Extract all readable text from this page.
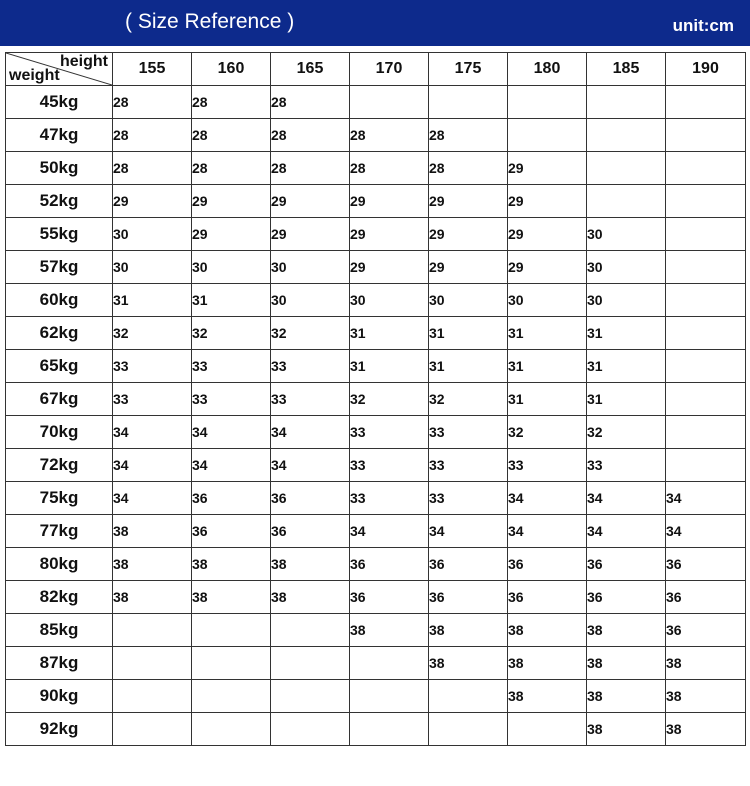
( Size Reference )	unit:cm
height
weight	155	160	165	170	175	180	185	190
45kg	28	28	28					
47kg	28	28	28	28	28			
50kg	28	28	28	28	28	29		
52kg	29	29	29	29	29	29		
55kg	30	29	29	29	29	29	30	
57kg	30	30	30	29	29	29	30	
60kg	31	31	30	30	30	30	30	
62kg	32	32	32	31	31	31	31	
65kg	33	33	33	31	31	31	31	
67kg	33	33	33	32	32	31	31	
70kg	34	34	34	33	33	32	32	
72kg	34	34	34	33	33	33	33	
75kg	34	36	36	33	33	34	34	34
77kg	38	36	36	34	34	34	34	34
80kg	38	38	38	36	36	36	36	36
82kg	38	38	38	36	36	36	36	36
85kg				38	38	38	38	36
87kg					38	38	38	38
90kg						38	38	38
92kg							38	38
